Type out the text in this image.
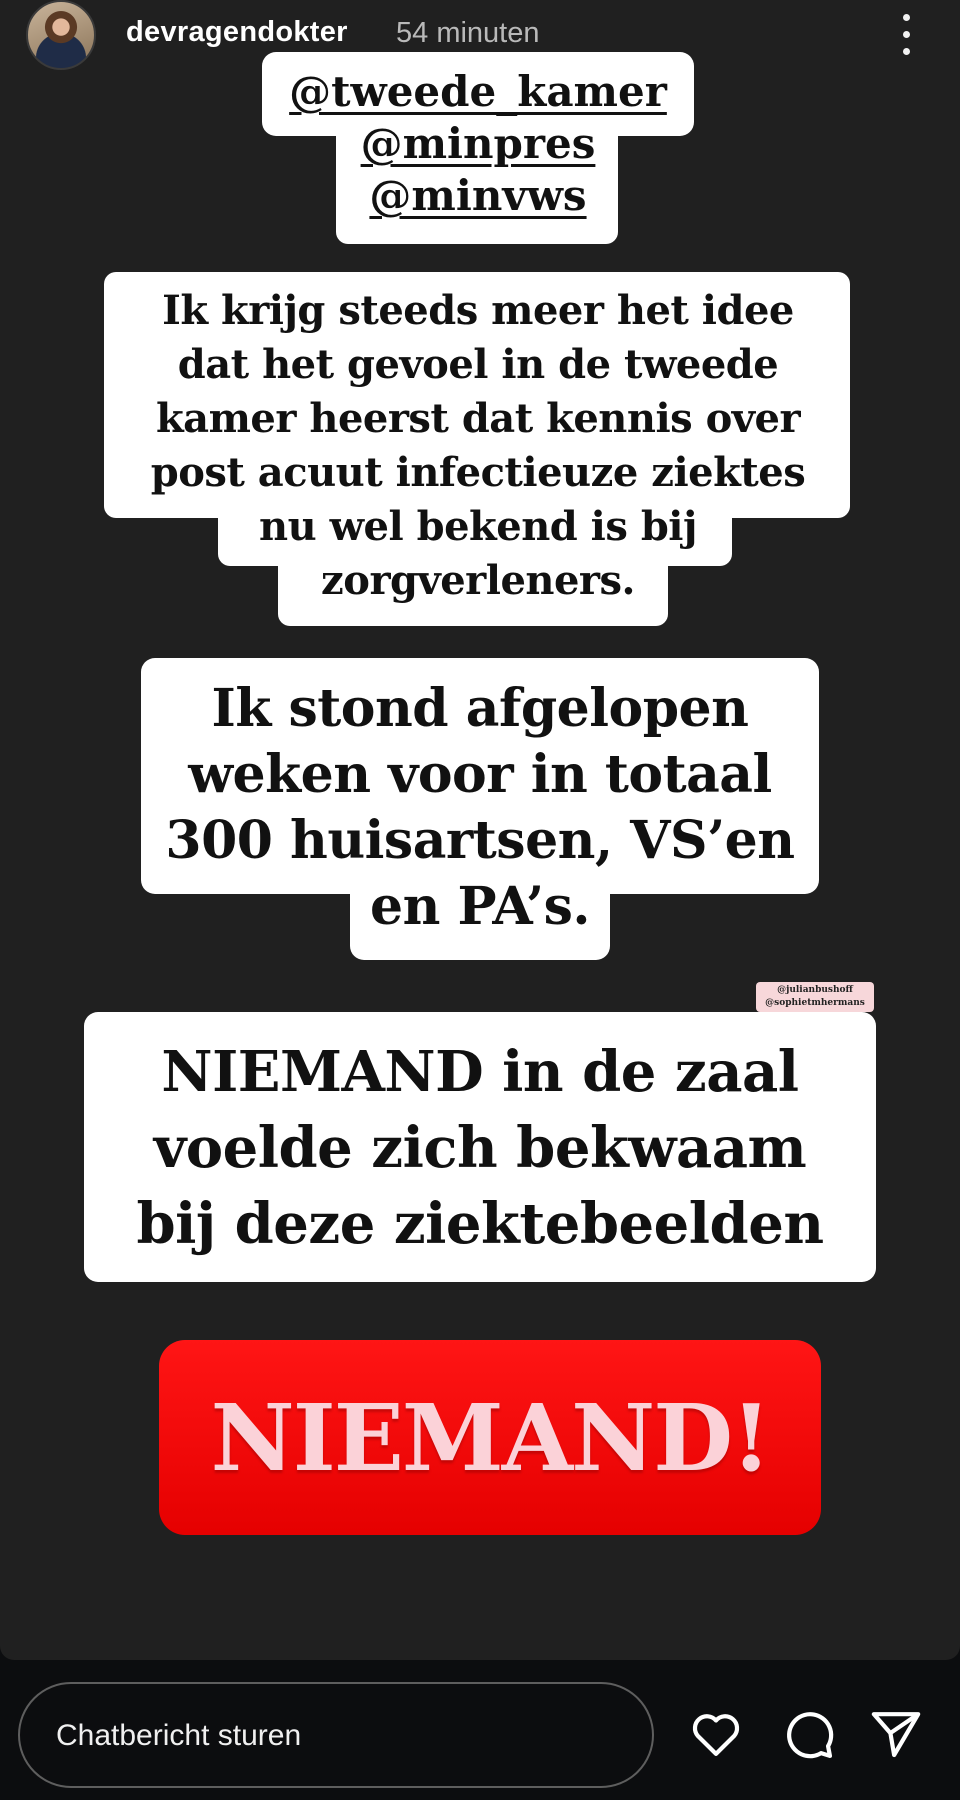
devragendokter 54 minuten
@tweede_kamer
@minpres
@minvws
Ik krijg steeds meer het idee
dat het gevoel in de tweede
kamer heerst dat kennis over
post acuut infectieuze ziektes
nu wel bekend is bij
zorgverleners.
Ik stond afgelopen
weken voor in totaal
300 huisartsen, VS’en
en PA’s.
@julianbushoff
@sophietmhermans
NIEMAND in de zaal
voelde zich bekwaam
bij deze ziektebeelden
NIEMAND!
Chatbericht sturen
